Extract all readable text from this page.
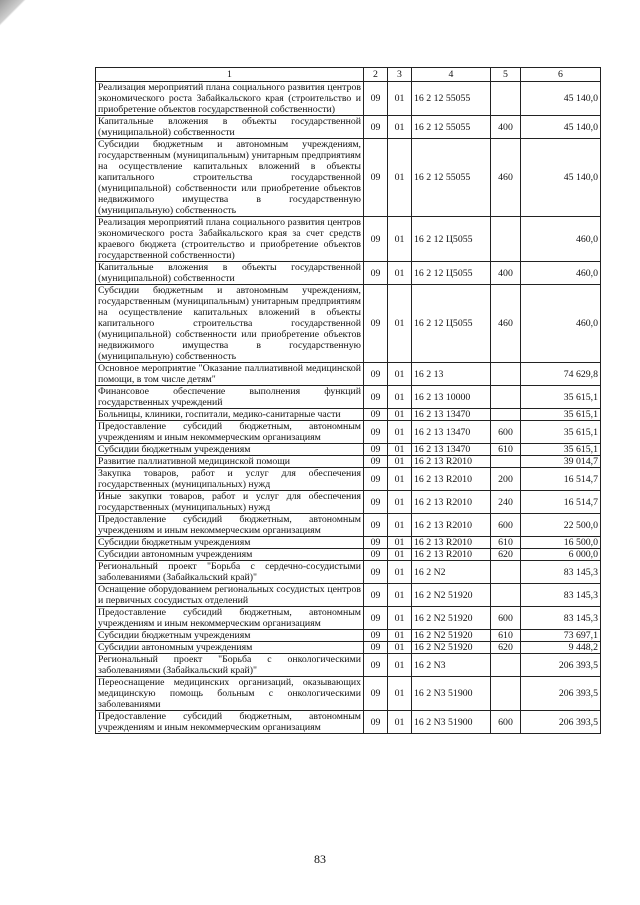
1	2	3	4	5	6
Реализация мероприятий плана социального развития центров экономического роста Забайкальского края (строительство и приобретение объектов государственной собственности)	09	01	16 2 12 55055		45 140,0
Капитальные вложения в объекты государственной (муниципальной) собственности	09	01	16 2 12 55055	400	45 140,0
Субсидии бюджетным и автономным учреждениям, государственным (муниципальным) унитарным предприятиям на осуществление капитальных вложений в объекты капитального строительства государственной (муниципальной) собственности или приобретение объектов недвижимого имущества в государственную (муниципальную) собственность	09	01	16 2 12 55055	460	45 140,0
Реализация мероприятий плана социального развития центров экономического роста Забайкальского края за счет средств краевого бюджета (строительство и приобретение объектов государственной собственности)	09	01	16 2 12 Ц5055		460,0
Капитальные вложения в объекты государственной (муниципальной) собственности	09	01	16 2 12 Ц5055	400	460,0
Субсидии бюджетным и автономным учреждениям, государственным (муниципальным) унитарным предприятиям на осуществление капитальных вложений в объекты капитального строительства государственной (муниципальной) собственности или приобретение объектов недвижимого имущества в государственную (муниципальную) собственность	09	01	16 2 12 Ц5055	460	460,0
Основное мероприятие "Оказание паллиативной медицинской помощи, в том числе детям"	09	01	16 2 13		74 629,8
Финансовое обеспечение выполнения функций государственных учреждений	09	01	16 2 13 10000		35 615,1
Больницы, клиники, госпитали, медико-санитарные части	09	01	16 2 13 13470		35 615,1
Предоставление субсидий бюджетным, автономным учреждениям и иным некоммерческим организациям	09	01	16 2 13 13470	600	35 615,1
Субсидии бюджетным учреждениям	09	01	16 2 13 13470	610	35 615,1
Развитие паллиативной медицинской помощи	09	01	16 2 13 R2010		39 014,7
Закупка товаров, работ и услуг для обеспечения государственных (муниципальных) нужд	09	01	16 2 13 R2010	200	16 514,7
Иные закупки товаров, работ и услуг для обеспечения государственных (муниципальных) нужд	09	01	16 2 13 R2010	240	16 514,7
Предоставление субсидий бюджетным, автономным учреждениям и иным некоммерческим организациям	09	01	16 2 13 R2010	600	22 500,0
Субсидии бюджетным учреждениям	09	01	16 2 13 R2010	610	16 500,0
Субсидии автономным учреждениям	09	01	16 2 13 R2010	620	6 000,0
Региональный проект "Борьба с сердечно-сосудистыми заболеваниями (Забайкальский край)"	09	01	16 2 N2		83 145,3
Оснащение оборудованием региональных сосудистых центров и первичных сосудистых отделений	09	01	16 2 N2 51920		83 145,3
Предоставление субсидий бюджетным, автономным учреждениям и иным некоммерческим организациям	09	01	16 2 N2 51920	600	83 145,3
Субсидии бюджетным учреждениям	09	01	16 2 N2 51920	610	73 697,1
Субсидии автономным учреждениям	09	01	16 2 N2 51920	620	9 448,2
Региональный проект "Борьба с онкологическими заболеваниями (Забайкальский край)"	09	01	16 2 N3		206 393,5
Переоснащение медицинских организаций, оказывающих медицинскую помощь больным с онкологическими заболеваниями	09	01	16 2 N3 51900		206 393,5
Предоставление субсидий бюджетным, автономным учреждениям и иным некоммерческим организациям	09	01	16 2 N3 51900	600	206 393,5
83
